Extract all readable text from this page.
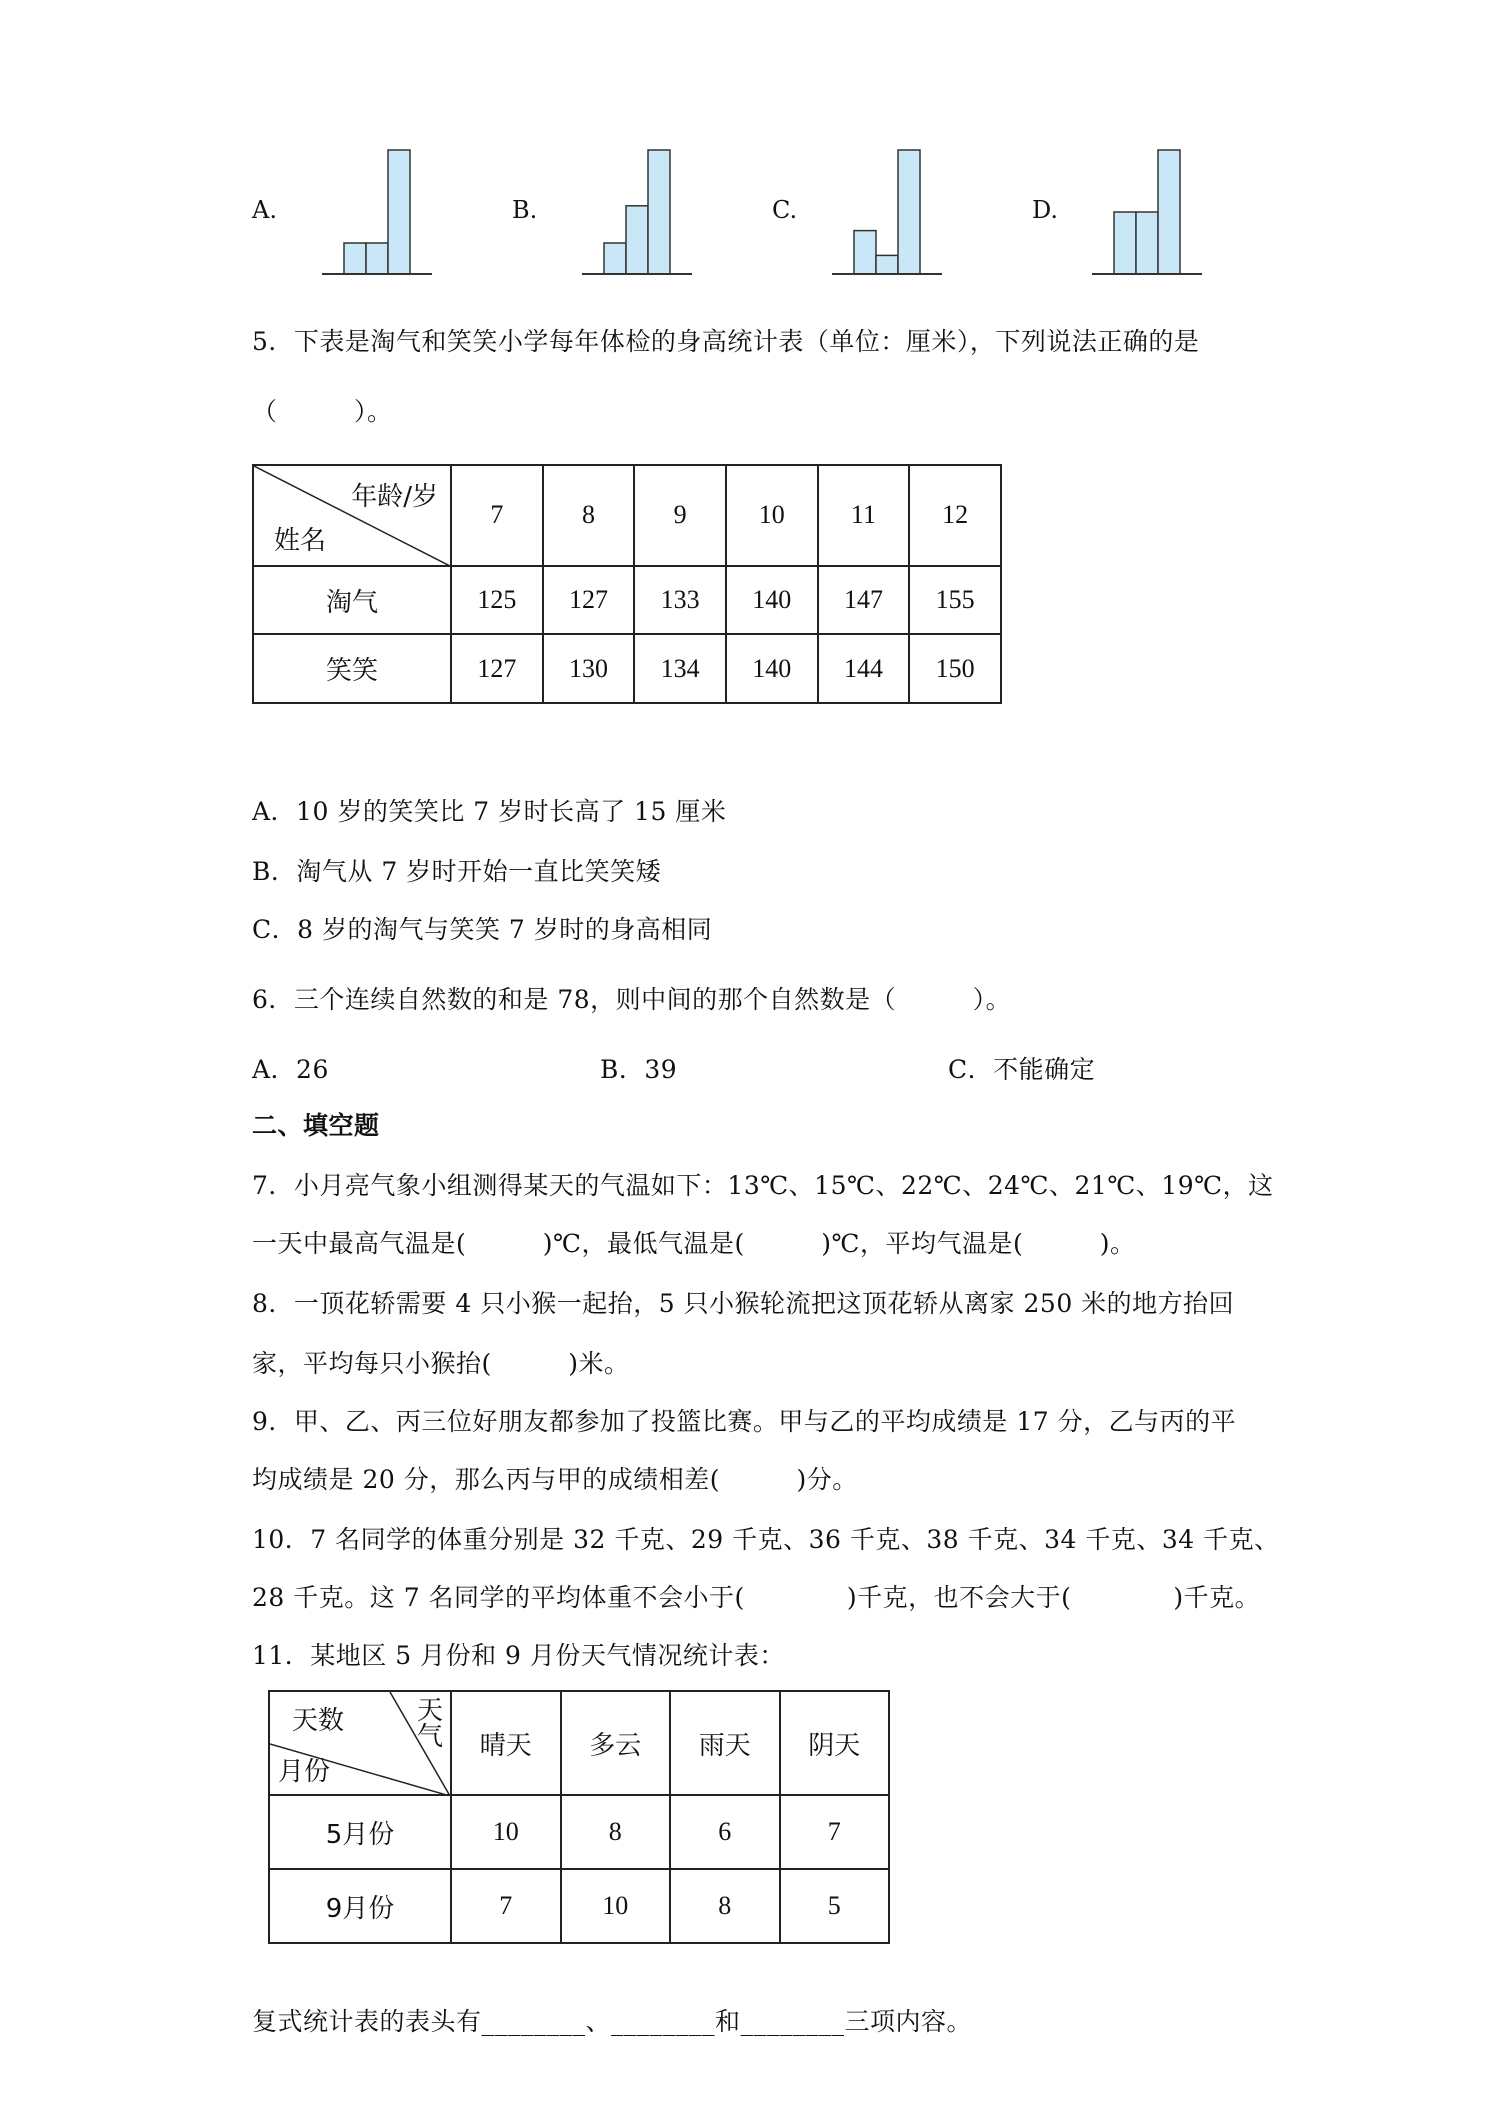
A.	B.	C.	D.
5．下表是淘气和笑笑小学每年体检的身高统计表（单位：厘米），下列说法正确的是
（　　　）。
年龄/岁
姓名	7	8	9	10	11	12
淘气	125	127	133	140	147	155
笑笑	127	130	134	140	144	150
A．10 岁的笑笑比 7 岁时长高了 15 厘米
B．淘气从 7 岁时开始一直比笑笑矮
C．8 岁的淘气与笑笑 7 岁时的身高相同
6．三个连续自然数的和是 78，则中间的那个自然数是（　　　）。
A．26	B．39	C．不能确定
二、填空题
7．小月亮气象小组测得某天的气温如下：13℃、15℃、22℃、24℃、21℃、19℃，这
一天中最高气温是(　　　)℃，最低气温是(　　　)℃，平均气温是(　　　)。
8．一顶花轿需要 4 只小猴一起抬，5 只小猴轮流把这顶花轿从离家 250 米的地方抬回
家，平均每只小猴抬(　　　)米。
9．甲、乙、丙三位好朋友都参加了投篮比赛。甲与乙的平均成绩是 17 分，乙与丙的平
均成绩是 20 分，那么丙与甲的成绩相差(　　　)分。
10．7 名同学的体重分别是 32 千克、29 千克、36 千克、38 千克、34 千克、34 千克、
28 千克。这 7 名同学的平均体重不会小于(　　　　)千克，也不会大于(　　　　)千克。
11．某地区 5 月份和 9 月份天气情况统计表：
天数 天气
月份	晴天	多云	雨天	阴天
5月份	10	8	6	7
9月份	7	10	8	5
复式统计表的表头有________、________和________三项内容。
